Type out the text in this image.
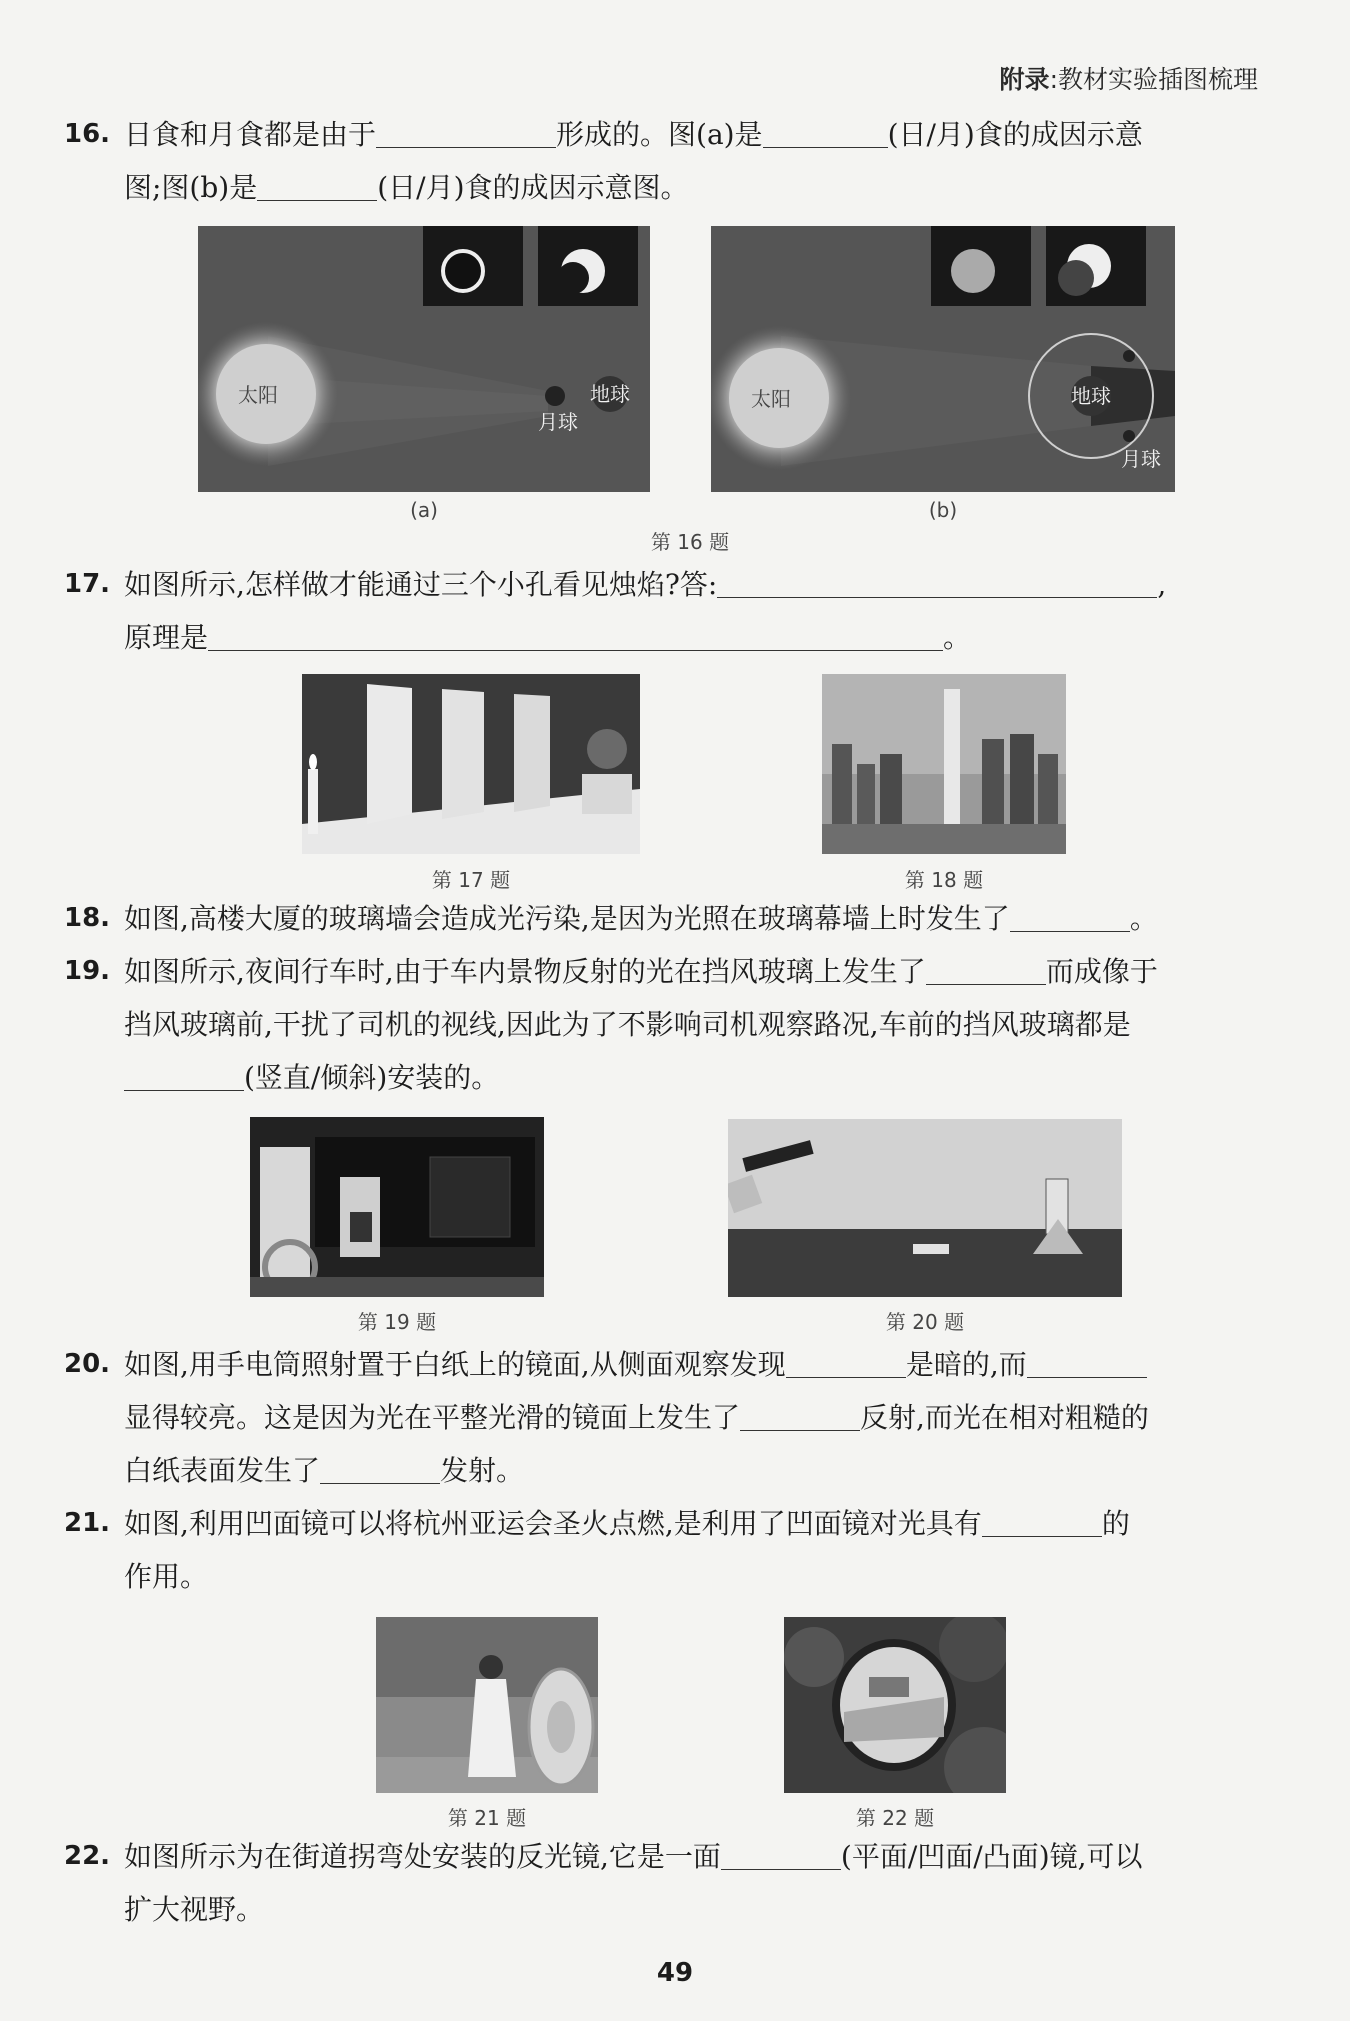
附录:教材实验插图梳理
16. 日食和月食都是由于	形成的。图(a)是	(日/月)食的成因示意
图;图(b)是	(日/月)食的成因示意图。
太阳	地球
月球
(a)
太阳	地球
月球
(b)
第 16 题
17. 如图所示,怎样做才能通过三个小孔看见烛焰?答:	,
原理是	。
第 17 题	第 18 题
18. 如图,高楼大厦的玻璃墙会造成光污染,是因为光照在玻璃幕墙上时发生了	。
19. 如图所示,夜间行车时,由于车内景物反射的光在挡风玻璃上发生了	而成像于
挡风玻璃前,干扰了司机的视线,因此为了不影响司机观察路况,车前的挡风玻璃都是
(竖直/倾斜)安装的。
第 19 题	第 20 题
20. 如图,用手电筒照射置于白纸上的镜面,从侧面观察发现	是暗的,而
显得较亮。这是因为光在平整光滑的镜面上发生了	反射,而光在相对粗糙的
白纸表面发生了	发射。
21. 如图,利用凹面镜可以将杭州亚运会圣火点燃,是利用了凹面镜对光具有	的
作用。
第 21 题	第 22 题
22. 如图所示为在街道拐弯处安装的反光镜,它是一面	(平面/凹面/凸面)镜,可以
扩大视野。
49
